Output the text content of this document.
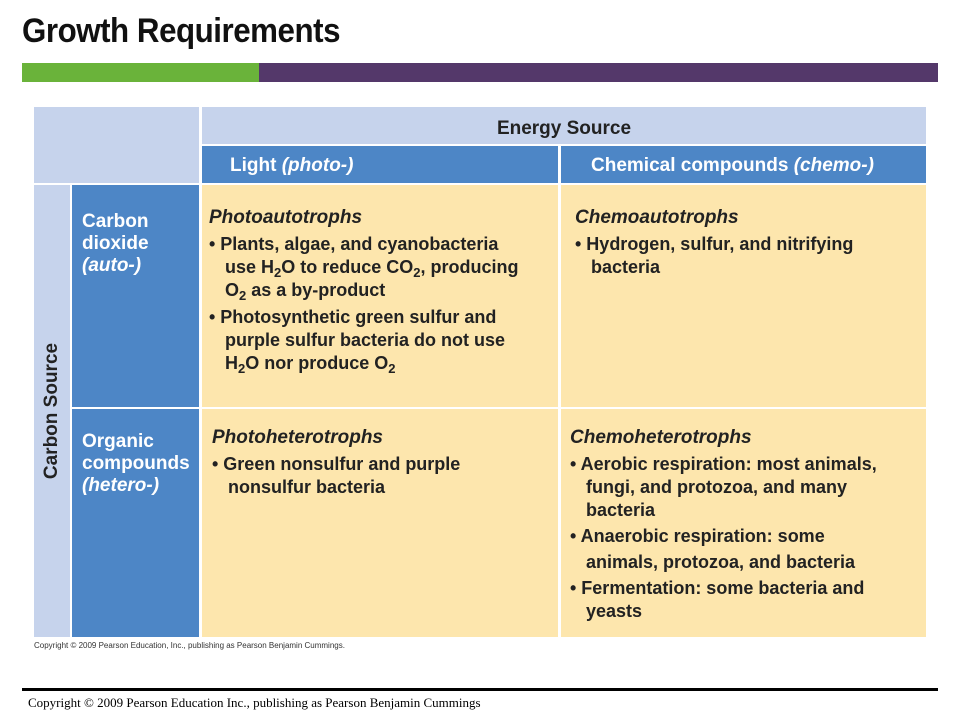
Growth Requirements
Energy Source
Light (photo-)	Chemical compounds (chemo-)
Carbon Source
Carbon
dioxide
(auto-)
Organic
compounds
(hetero-)

Photoautotrophs

• Plants, algae, and cyanobacteria

use $H_2O$ to reduce $CO_2$, producing

$O_2$ as a by-product

• Photosynthetic green sulfur and

purple sulfur bacteria do not use

$H_2O$ nor produce $O_2$

Chemoautotrophs

• Hydrogen, sulfur, and nitrifying

bacteria

Photoheterotrophs

• Green nonsulfur and purple

nonsulfur bacteria

Chemoheterotrophs

• Aerobic respiration: most animals,

fungi, and protozoa, and many

bacteria

• Anaerobic respiration: some

animals, protozoa, and bacteria

• Fermentation: some bacteria and

yeasts

Copyright © 2009 Pearson Education, Inc., publishing as Pearson Benjamin Cummings.
Copyright © 2009 Pearson Education Inc., publishing as Pearson Benjamin Cummings
